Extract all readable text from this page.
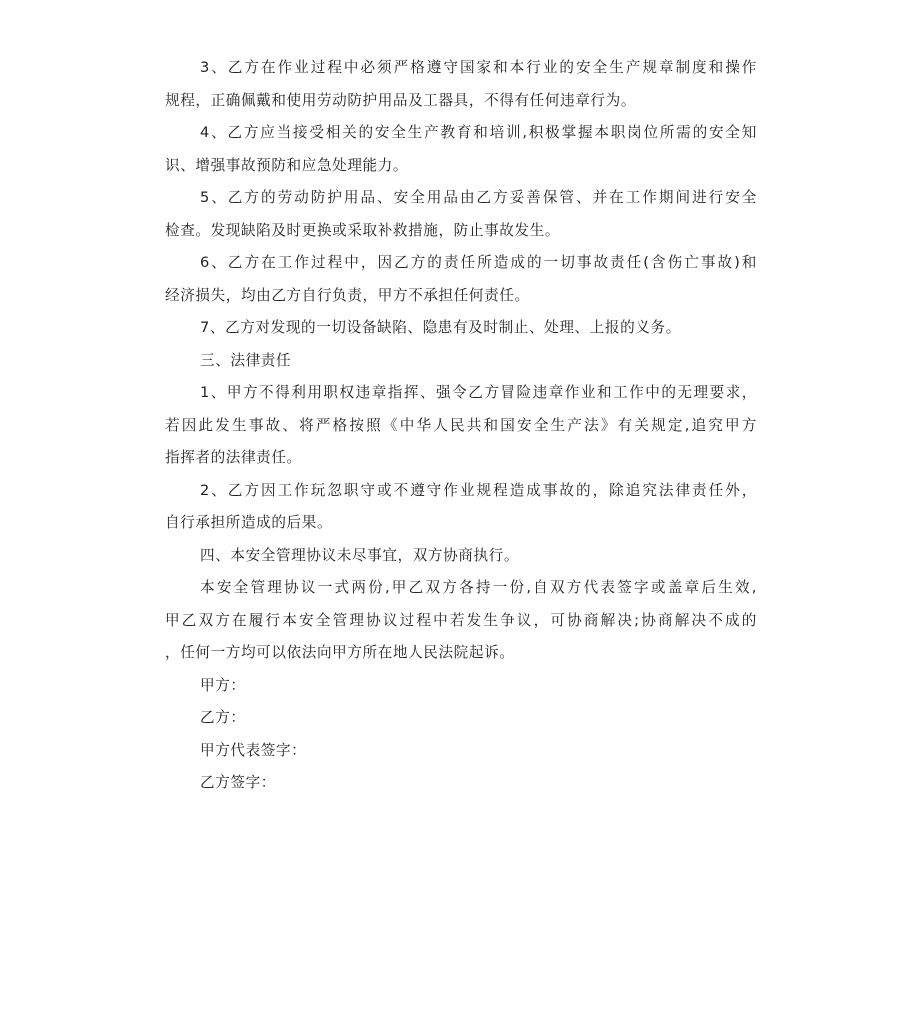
3、乙方在作业过程中必须严格遵守国家和本行业的安全生产规章制度和操作
规程，正确佩戴和使用劳动防护用品及工器具，不得有任何违章行为。
4、乙方应当接受相关的安全生产教育和培训,积极掌握本职岗位所需的安全知
识、增强事故预防和应急处理能力。
5、乙方的劳动防护用品、安全用品由乙方妥善保管、并在工作期间进行安全
检查。发现缺陷及时更换或采取补救措施，防止事故发生。
6、乙方在工作过程中，因乙方的责任所造成的一切事故责任(含伤亡事故)和
经济损失，均由乙方自行负责，甲方不承担任何责任。
7、乙方对发现的一切设备缺陷、隐患有及时制止、处理、上报的义务。

三、法律责任

1、甲方不得利用职权违章指挥、强令乙方冒险违章作业和工作中的无理要求，
若因此发生事故、将严格按照《中华人民共和国安全生产法》有关规定,追究甲方
指挥者的法律责任。
2、乙方因工作玩忽职守或不遵守作业规程造成事故的，除追究法律责任外，
自行承担所造成的后果。

四、本安全管理协议未尽事宜，双方协商执行。

本安全管理协议一式两份,甲乙双方各持一份,自双方代表签字或盖章后生效,
甲乙双方在履行本安全管理协议过程中若发生争议，可协商解决;协商解决不成的
，任何一方均可以依法向甲方所在地人民法院起诉。

甲方：

乙方：

甲方代表签字：

乙方签字：
